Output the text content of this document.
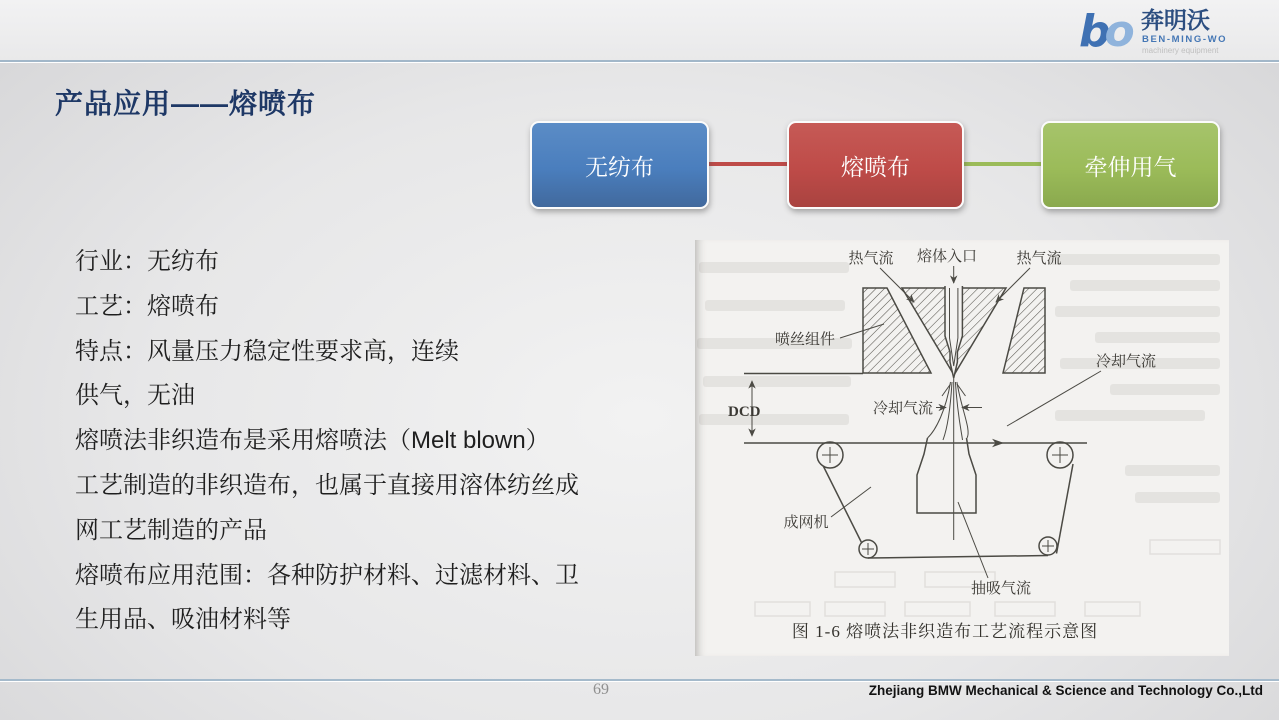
bo 奔明沃
BEN-MING-WO
machinery equipment
产品应用——熔喷布
无纺布	熔喷布	牵伸用气
行业：无纺布
工艺：熔喷布
特点：风量压力稳定性要求高，连续
供气，无油
熔喷法非织造布是采用熔喷法（Melt blown）
工艺制造的非织造布，也属于直接用溶体纺丝成
网工艺制造的产品
熔喷布应用范围：各种防护材料、过滤材料、卫
生用品、吸油材料等
热气流 熔体入口	热气流
喷丝组件
DCD	冷却气流
冷却气流
成网机
抽吸气流
图 1-6 熔喷法非织造布工艺流程示意图
69	Zhejiang BMW Mechanical & Science and Technology Co.,Ltd
